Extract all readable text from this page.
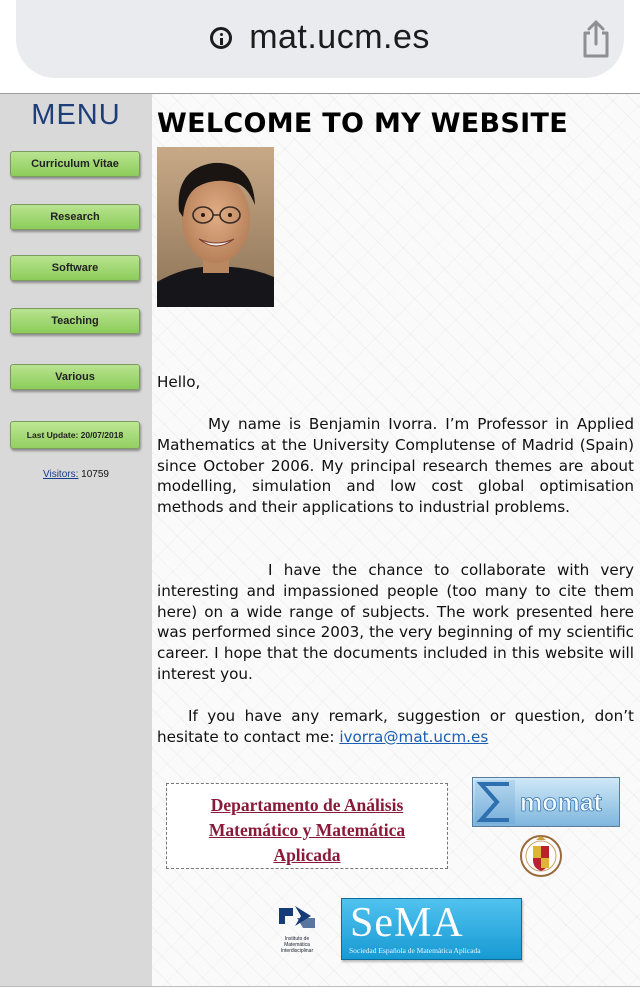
mat.ucm.es
MENU
Curriculum Vitae
Research
Software
Teaching
Various
Last Update: 20/07/2018
Visitors: 10759
WELCOME TO MY WEBSITE

Hello,

My name is Benjamin Ivorra. I’m Professor in Applied Mathematics at the University Complutense of Madrid (Spain) since October 2006. My principal research themes are about modelling, simulation and low cost global optimisation methods and their applications to industrial problems.

I have the chance to collaborate with very interesting and impassioned people (too many to cite them here) on a wide range of subjects. The work presented here was performed since 2003, the very beginning of my scientific career. I hope that the documents included in this website will interest you.

If you have any remark, suggestion or question, don’t hesitate to contact me: ivorra@mat.ucm.es

Departamento de Análisis
Matemático y Matemática
Aplicada
momat
Instituto de
Matemática
Interdisciplinar
SeMA
Sociedad Española de Matemática Aplicada
